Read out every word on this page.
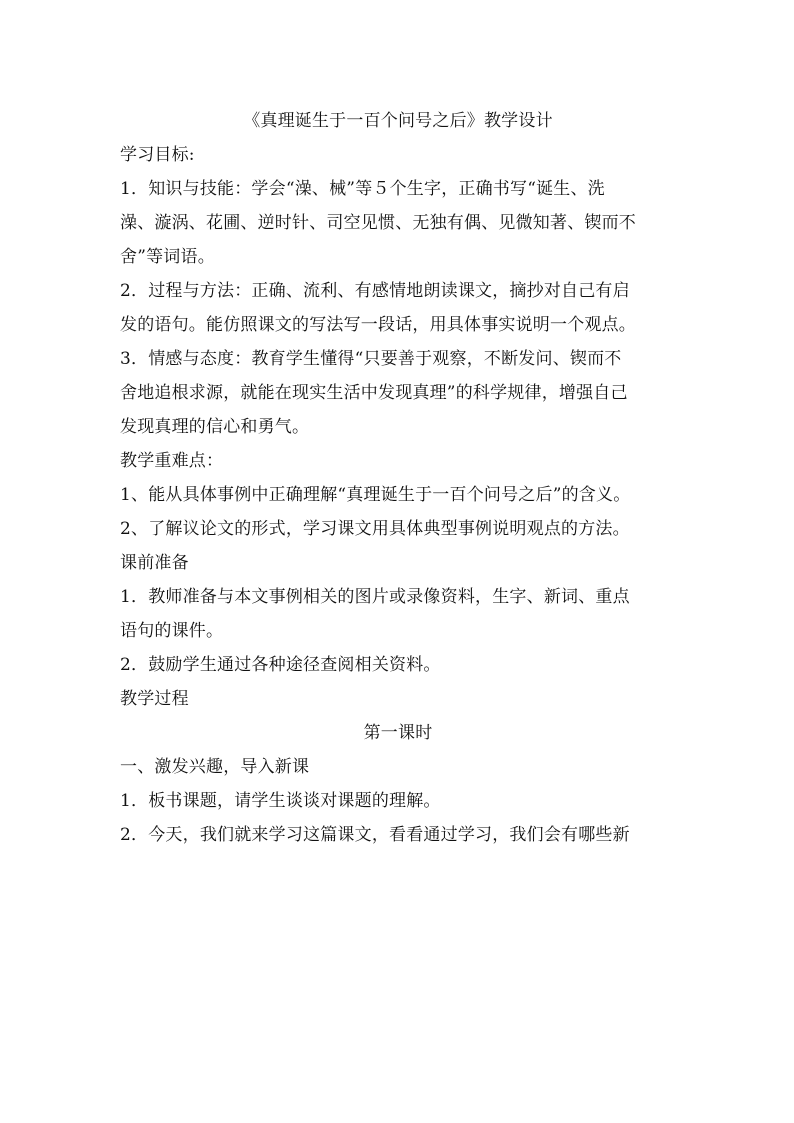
《真理诞生于一百个问号之后》教学设计
学习目标:
1．知识与技能：学会“澡、械”等５个生字，正确书写“诞生、洗
澡、漩涡、花圃、逆时针、司空见惯、无独有偶、见微知著、锲而不
舍”等词语。
2．过程与方法：正确、流利、有感情地朗读课文，摘抄对自己有启
发的语句。能仿照课文的写法写一段话，用具体事实说明一个观点。
3．情感与态度：教育学生懂得“只要善于观察，不断发问、锲而不
舍地追根求源，就能在现实生活中发现真理”的科学规律，增强自己
发现真理的信心和勇气。
教学重难点：
1、能从具体事例中正确理解“真理诞生于一百个问号之后”的含义。
2、了解议论文的形式，学习课文用具体典型事例说明观点的方法。
课前准备
1．教师准备与本文事例相关的图片或录像资料，生字、新词、重点
语句的课件。
2．鼓励学生通过各种途径查阅相关资料。
教学过程
第一课时
一、激发兴趣，导入新课
1．板书课题，请学生谈谈对课题的理解。
2．今天，我们就来学习这篇课文，看看通过学习，我们会有哪些新
